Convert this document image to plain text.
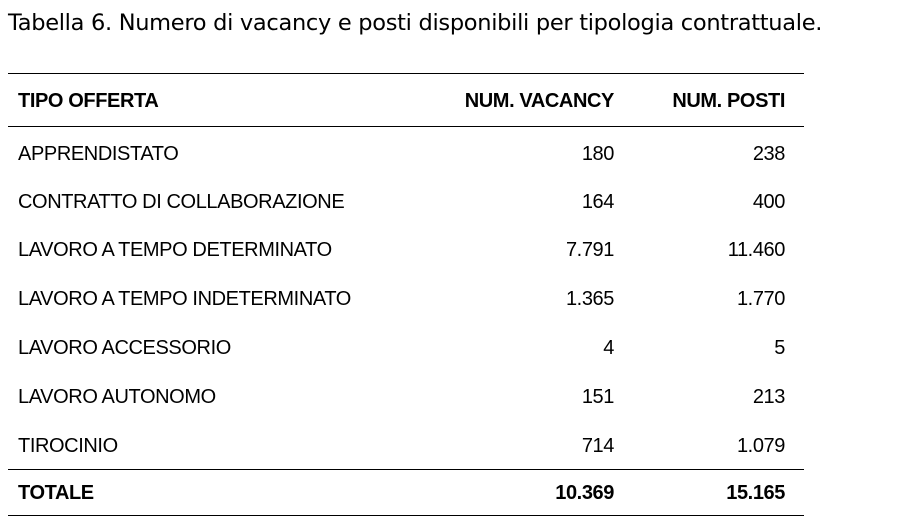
Tabella 6. Numero di vacancy e posti disponibili per tipologia contrattuale.
TIPO OFFERTA	NUM. VACANCY	NUM. POSTI
APPRENDISTATO	180	238
CONTRATTO DI COLLABORAZIONE	164	400
LAVORO A TEMPO DETERMINATO	7.791	11.460
LAVORO A TEMPO INDETERMINATO	1.365	1.770
LAVORO ACCESSORIO	4	5
LAVORO AUTONOMO	151	213
TIROCINIO	714	1.079
TOTALE	10.369	15.165
